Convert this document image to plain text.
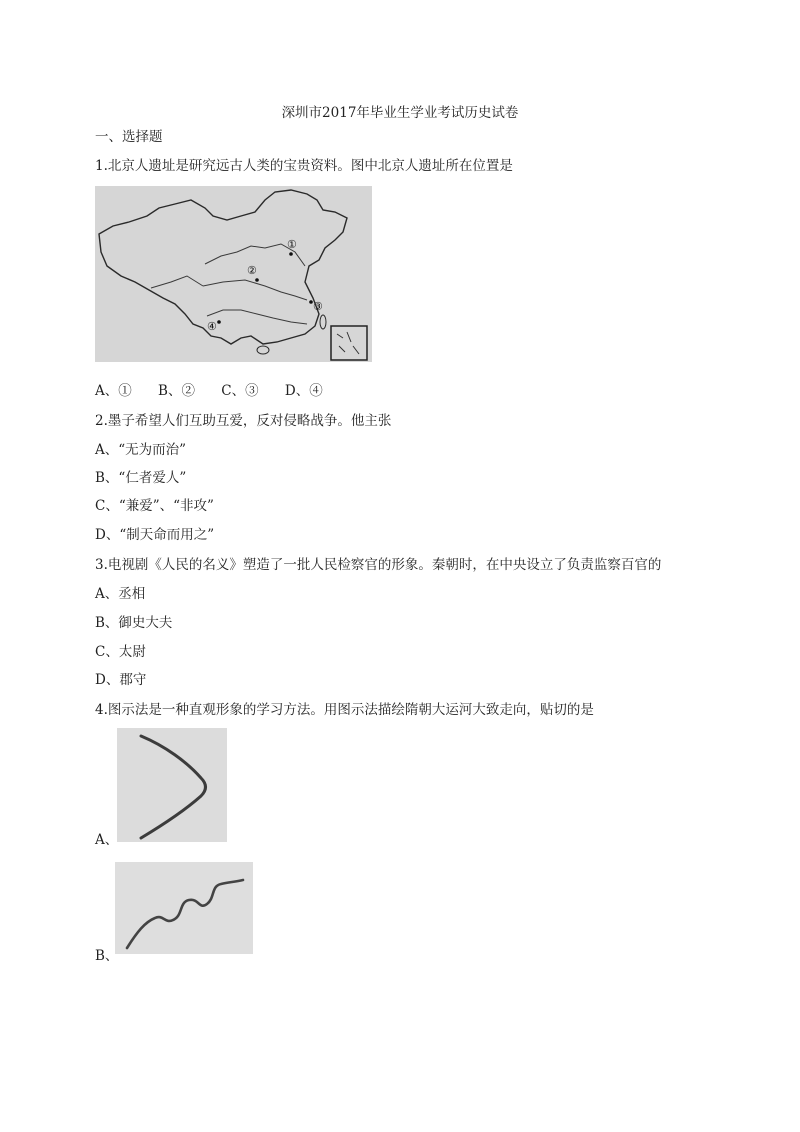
深圳市2017年毕业生学业考试历史试卷
一、选择题
1.北京人遗址是研究远古人类的宝贵资料。图中北京人遗址所在位置是
①
②
③
④
A、① B、② C、③ D、④
2.墨子希望人们互助互爱，反对侵略战争。他主张
A、“无为而治”
B、“仁者爱人”
C、“兼爱”、“非攻”
D、“制天命而用之”
3.电视剧《人民的名义》塑造了一批人民检察官的形象。秦朝时，在中央设立了负责监察百官的
A、丞相
B、御史大夫
C、太尉
D、郡守
4.图示法是一种直观形象的学习方法。用图示法描绘隋朝大运河大致走向，贴切的是
A、
B、
